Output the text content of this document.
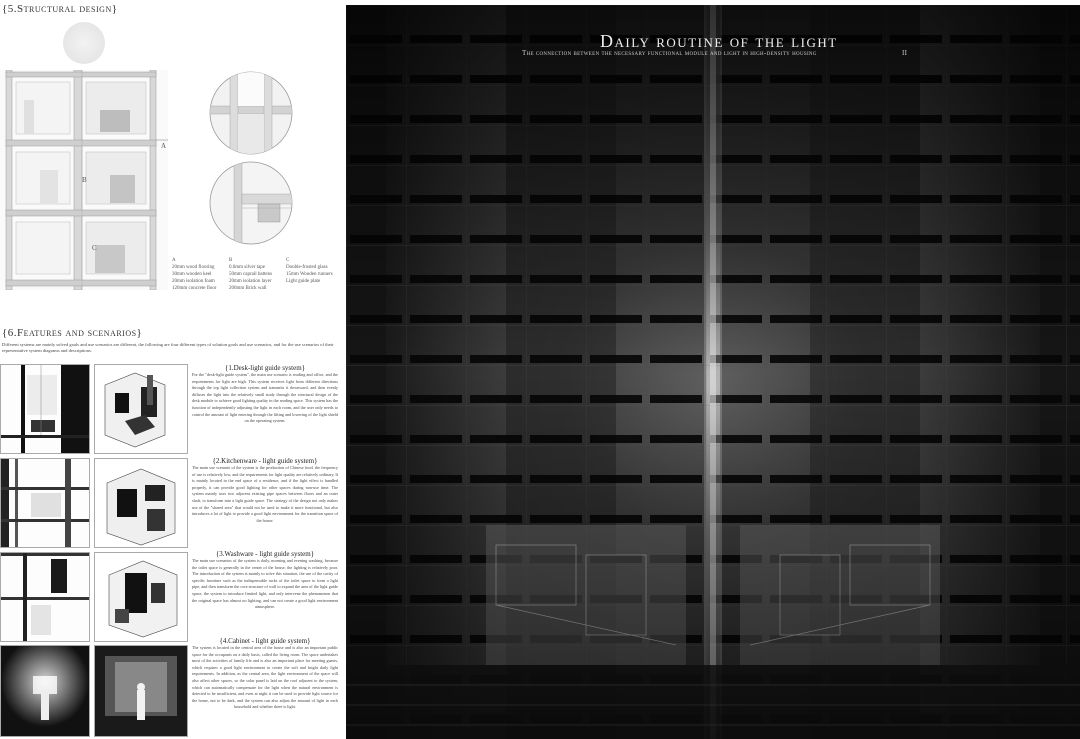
{5.Structural design}
A
B
C
A
20mm wood flooring
30mm wooden keel
20mm isolation foam
120mm concrete floor
B
0.6mm silver tape
50mm caprail battens
20mm isolation layer
200mm Brick wall
C
Double-frosted glass
15mm Wooden runners
Light guide plate
{6.Features and scenarios}
Different systems are mainly solved goals and use scenarios are different, the following are four different types of solution goals and use scenarios, and for the use scenarios of their representative system diagrams and descriptions.
{1.Desk-light guide system}
For the "desk-light guide system", the main use scenario is reading and office, and the requirements for light are high. This system receives light from different directions through the top light collection system and transmits it downward, and then evenly diffuses the light into the relatively small study through the structural design of the desk module to achieve good lighting quality in the reading space. This system has the function of independently adjusting the light in each room, and the user only needs to control the amount of light entering through the lifting and lowering of the light shield on the operating system.
{2.Kitchenware - light guide system}
The main use scenario of the system is the production of Chinese food, the frequency of use is relatively low, and the requirements for light quality are relatively ordinary. It is mainly located in the end space of a residence, and if the light effect is handled properly, it can provide good lighting for other spaces during non-use time. The system mainly uses two adjacent existing pipe spaces between floors and an outer shaft, to transform into a light guide space. The strategy of the design not only makes use of the "shared area" that would not be used to make it more functional, but also introduces a lot of light to provide a good light environment for the transition space of the house.
{3.Washware - light guide system}
The main use scenarios of the system is daily, morning and evening washing, because the toilet space is generally in the center of the house, the lighting is relatively poor. The introduction of the system is mainly to solve this situation, the use of the cavity of specific furniture such as the indispensable racks of the toilet space to form a light pipe, and then transform the core structure of wall to expand the area of the light guide space, the system to introduce limited light, and only intervene the phenomenon that the original space has almost no lighting, and can not create a good light environment atmosphere.
{4.Cabinet - light guide system}
The system is located in the central area of the house and is also an important public space for the occupants on a daily basis, called the living room. The space undertakes most of the activities of family life and is also an important place for meeting guests, which requires a good light environment to create the soft and bright daily light requirements. In addition, as the central area, the light environment of the space will also affect other spaces, so the solar panel is laid on the roof adjacent to the system, which can automatically compensate for the light when the natural environment is detected to be insufficient, and even at night it can be used to provide light source for the home, not to be dark, and the system can also adjust the amount of light in each household and whether there is light.
Daily routine of the light
The connection between the necessary functional module and light in high-density housing	II
